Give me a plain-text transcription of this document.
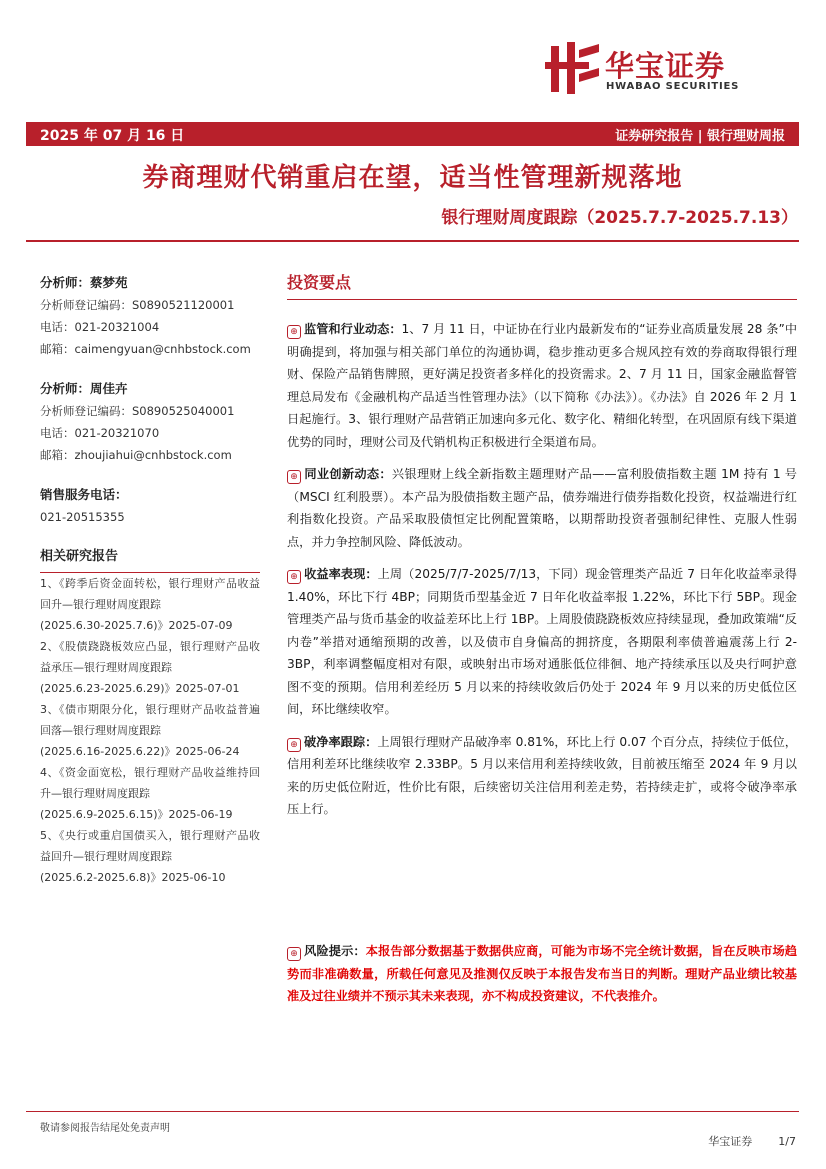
华宝证券
HWABAO SECURITIES
2025 年 07 月 16 日	证券研究报告 | 银行理财周报
券商理财代销重启在望，适当性管理新规落地
银行理财周度跟踪（2025.7.7-2025.7.13）
分析师：蔡梦苑
分析师登记编码：S0890521120001
电话：021-20321004
邮箱：caimengyuan@cnhbstock.com
分析师：周佳卉
分析师登记编码：S0890525040001
电话：021-20321070
邮箱：zhoujiahui@cnhbstock.com
销售服务电话：
021-20515355
相关研究报告
1、《跨季后资金面转松，银行理财产品收益回升—银行理财周度跟踪
(2025.6.30-2025.7.6)》2025-07-09
2、《股债跷跷板效应凸显，银行理财产品收益承压—银行理财周度跟踪
(2025.6.23-2025.6.29)》2025-07-01
3、《债市期限分化，银行理财产品收益普遍回落—银行理财周度跟踪
(2025.6.16-2025.6.22)》2025-06-24
4、《资金面宽松，银行理财产品收益维持回升—银行理财周度跟踪
(2025.6.9-2025.6.15)》2025-06-19
5、《央行或重启国债买入，银行理财产品收益回升—银行理财周度跟踪
(2025.6.2-2025.6.8)》2025-06-10
投资要点
⊕ 监管和行业动态：1、7 月 11 日，中证协在行业内最新发布的“证券业高质量发展 28 条”中明确提到，将加强与相关部门单位的沟通协调，稳步推动更多合规风控有效的券商取得银行理财、保险产品销售牌照，更好满足投资者多样化的投资需求。2、7 月 11 日，国家金融监督管理总局发布《金融机构产品适当性管理办法》（以下简称《办法》）。《办法》自 2026 年 2 月 1 日起施行。3、银行理财产品营销正加速向多元化、数字化、精细化转型，在巩固原有线下渠道优势的同时，理财公司及代销机构正积极进行全渠道布局。
⊕ 同业创新动态：兴银理财上线全新指数主题理财产品——富利股债指数主题 1M 持有 1 号（MSCI 红利股票）。本产品为股债指数主题产品，债券端进行债券指数化投资，权益端进行红利指数化投资。产品采取股债恒定比例配置策略，以期帮助投资者强制纪律性、克服人性弱点，并力争控制风险、降低波动。
⊕ 收益率表现：上周（2025/7/7-2025/7/13，下同）现金管理类产品近 7 日年化收益率录得 1.40%，环比下行 4BP；同期货币型基金近 7 日年化收益率报 1.22%，环比下行 5BP。现金管理类产品与货币基金的收益差环比上行 1BP。上周股债跷跷板效应持续显现，叠加政策端“反内卷”举措对通缩预期的改善，以及债市自身偏高的拥挤度，各期限利率债普遍震荡上行 2-3BP，利率调整幅度相对有限，或映射出市场对通胀低位徘徊、地产持续承压以及央行呵护意图不变的预期。信用利差经历 5 月以来的持续收敛后仍处于 2024 年 9 月以来的历史低位区间，环比继续收窄。
⊕ 破净率跟踪：上周银行理财产品破净率 0.81%，环比上行 0.07 个百分点，持续位于低位，信用利差环比继续收窄 2.33BP。5 月以来信用利差持续收敛，目前被压缩至 2024 年 9 月以来的历史低位附近，性价比有限，后续密切关注信用利差走势，若持续走扩，或将令破净率承压上行。
⊕ 风险提示：本报告部分数据基于数据供应商，可能为市场不完全统计数据，旨在反映市场趋势而非准确数量，所载任何意见及推测仅反映于本报告发布当日的判断。理财产品业绩比较基准及过往业绩并不预示其未来表现，亦不构成投资建议，不代表推介。
敬请参阅报告结尾处免责声明
华宝证券 1/7
